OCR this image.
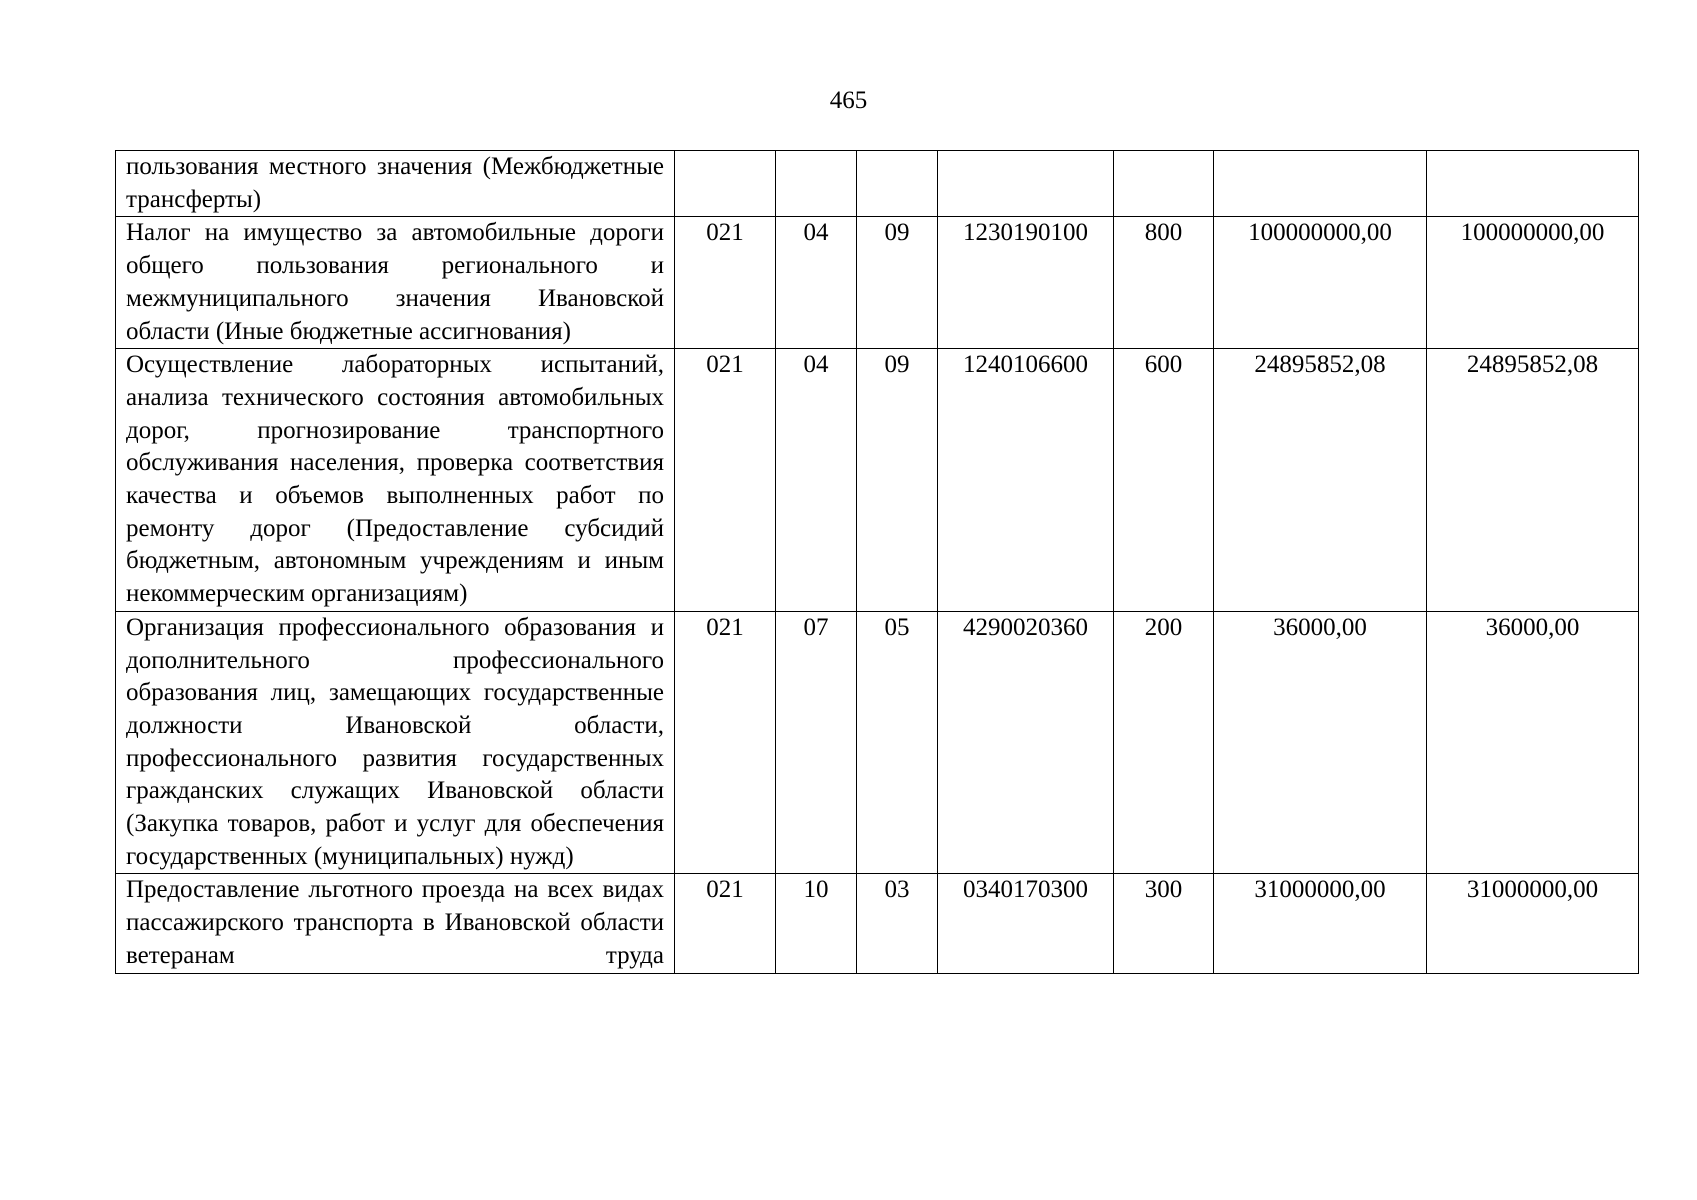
465
пользования местного значения (Межбюджетные трансферты)							
Налог на имущество за автомобильные дороги общего пользования регионального и межмуниципального значения Ивановской области (Иные бюджетные ассигнования)	021	04	09	1230190100	800	100000000,00	100000000,00
Осуществление лабораторных испытаний, анализа технического состояния автомобильных дорог, прогнозирование транспортного обслуживания населения, проверка соответствия качества и объемов выполненных работ по ремонту дорог (Предоставление субсидий бюджетным, автономным учреждениям и иным некоммерческим организациям)	021	04	09	1240106600	600	24895852,08	24895852,08
Организация профессионального образования и дополнительного профессионального образования лиц, замещающих государственные должности Ивановской области, профессионального развития государственных гражданских служащих Ивановской области (Закупка товаров, работ и услуг для обеспечения государственных (муниципальных) нужд)	021	07	05	4290020360	200	36000,00	36000,00
Предоставление льготного проезда на всех видах пассажирского транспорта в Ивановской области ветеранам труда	021	10	03	0340170300	300	31000000,00	31000000,00
